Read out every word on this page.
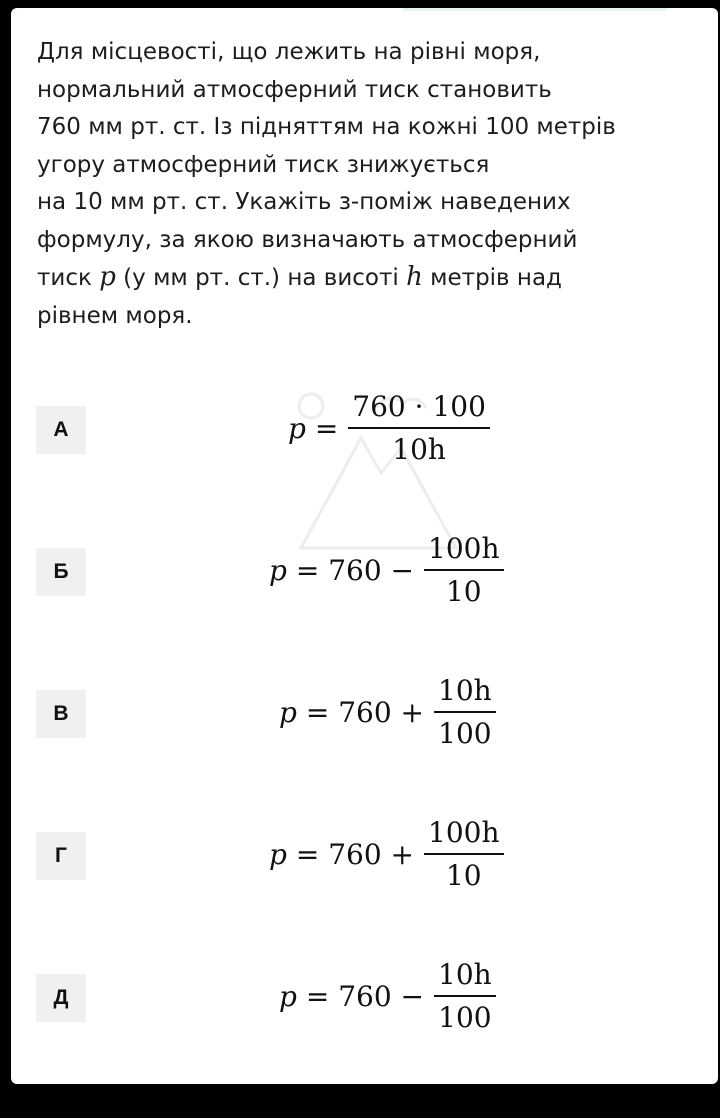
Для місцевості, що лежить на рівні моря,
нормальний атмосферний тиск становить
760 мм рт. ст. Із підняттям на кожні 100 метрів
угору атмосферний тиск знижується
на 10 мм рт. ст. Укажіть з-поміж наведених
формулу, за якою визначають атмосферний
тиск p (у мм рт. ст.) на висоті h метрів над
рівнем моря.
А	$p = \frac{760 \cdot 100}{10h}$
Б	$p = 760 - \frac{100h}{10}$
В	$p = 760 + \frac{10h}{100}$
Г	$p = 760 + \frac{100h}{10}$
Д	$p = 760 - \frac{10h}{100}$
